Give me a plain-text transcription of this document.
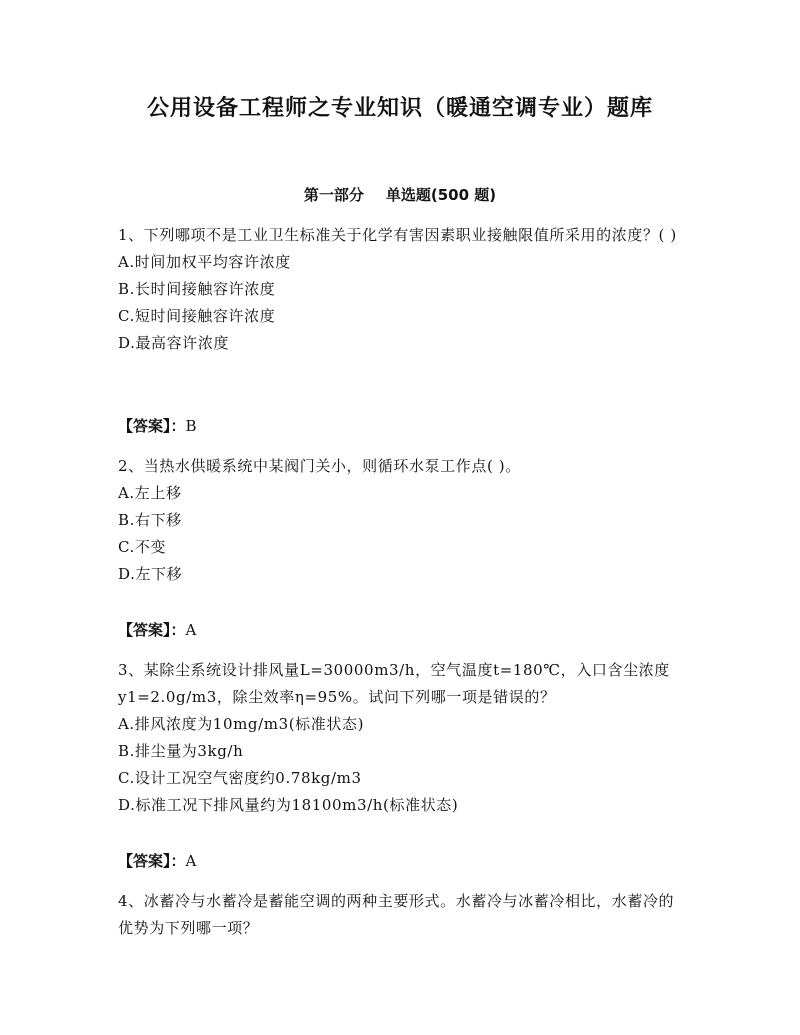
公用设备工程师之专业知识（暖通空调专业）题库
第一部分 单选题(500 题)

1、下列哪项不是工业卫生标准关于化学有害因素职业接触限值所采用的浓度？( )

A.时间加权平均容许浓度

B.长时间接触容许浓度

C.短时间接触容许浓度

D.最高容许浓度

【答案】：B

2、当热水供暖系统中某阀门关小，则循环水泵工作点( )。

A.左上移

B.右下移

C.不变

D.左下移

【答案】：A

3、某除尘系统设计排风量L=30000m3/h，空气温度t=180℃，入口含尘浓度y1=2.0g/m3，除尘效率η=95%。试问下列哪一项是错误的？

A.排风浓度为10mg/m3(标准状态)

B.排尘量为3kg/h

C.设计工况空气密度约0.78kg/m3

D.标准工况下排风量约为18100m3/h(标准状态)

【答案】：A

4、冰蓄冷与水蓄冷是蓄能空调的两种主要形式。水蓄冷与冰蓄冷相比，水蓄冷的优势为下列哪一项？
